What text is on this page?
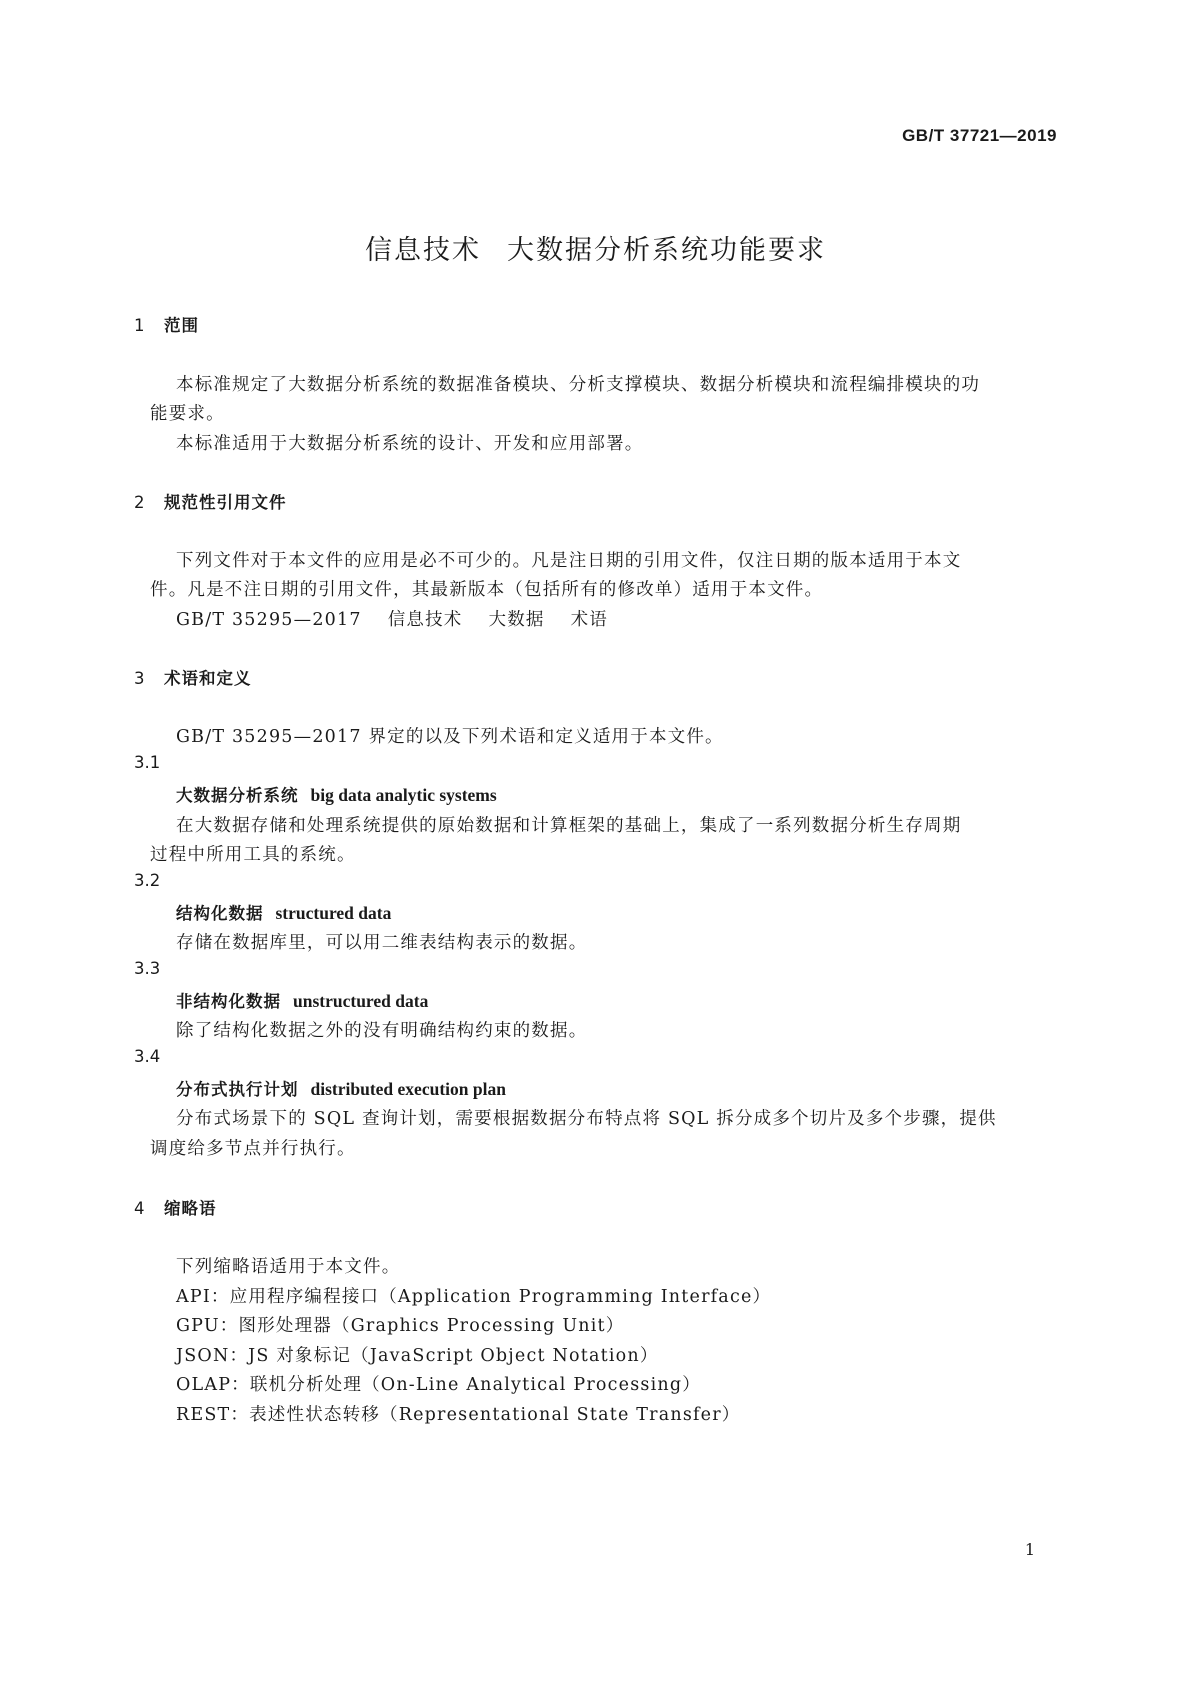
GB/T 37721—2019
信息技术 大数据分析系统功能要求
1 范围
本标准规定了大数据分析系统的数据准备模块、分析支撑模块、数据分析模块和流程编排模块的功
能要求。
本标准适用于大数据分析系统的设计、开发和应用部署。
2 规范性引用文件
下列文件对于本文件的应用是必不可少的。凡是注日期的引用文件，仅注日期的版本适用于本文
件。凡是不注日期的引用文件，其最新版本（包括所有的修改单）适用于本文件。
GB/T 35295—2017 信息技术 大数据 术语
3 术语和定义
GB/T 35295—2017 界定的以及下列术语和定义适用于本文件。
3.1
大数据分析系统 big data analytic systems
在大数据存储和处理系统提供的原始数据和计算框架的基础上，集成了一系列数据分析生存周期
过程中所用工具的系统。
3.2
结构化数据 structured data
存储在数据库里，可以用二维表结构表示的数据。
3.3
非结构化数据 unstructured data
除了结构化数据之外的没有明确结构约束的数据。
3.4
分布式执行计划 distributed execution plan
分布式场景下的 SQL 查询计划，需要根据数据分布特点将 SQL 拆分成多个切片及多个步骤，提供
调度给多节点并行执行。
4 缩略语
下列缩略语适用于本文件。
API：应用程序编程接口（Application Programming Interface）
GPU：图形处理器（Graphics Processing Unit）
JSON：JS 对象标记（JavaScript Object Notation）
OLAP：联机分析处理（On-Line Analytical Processing）
REST：表述性状态转移（Representational State Transfer）
1
